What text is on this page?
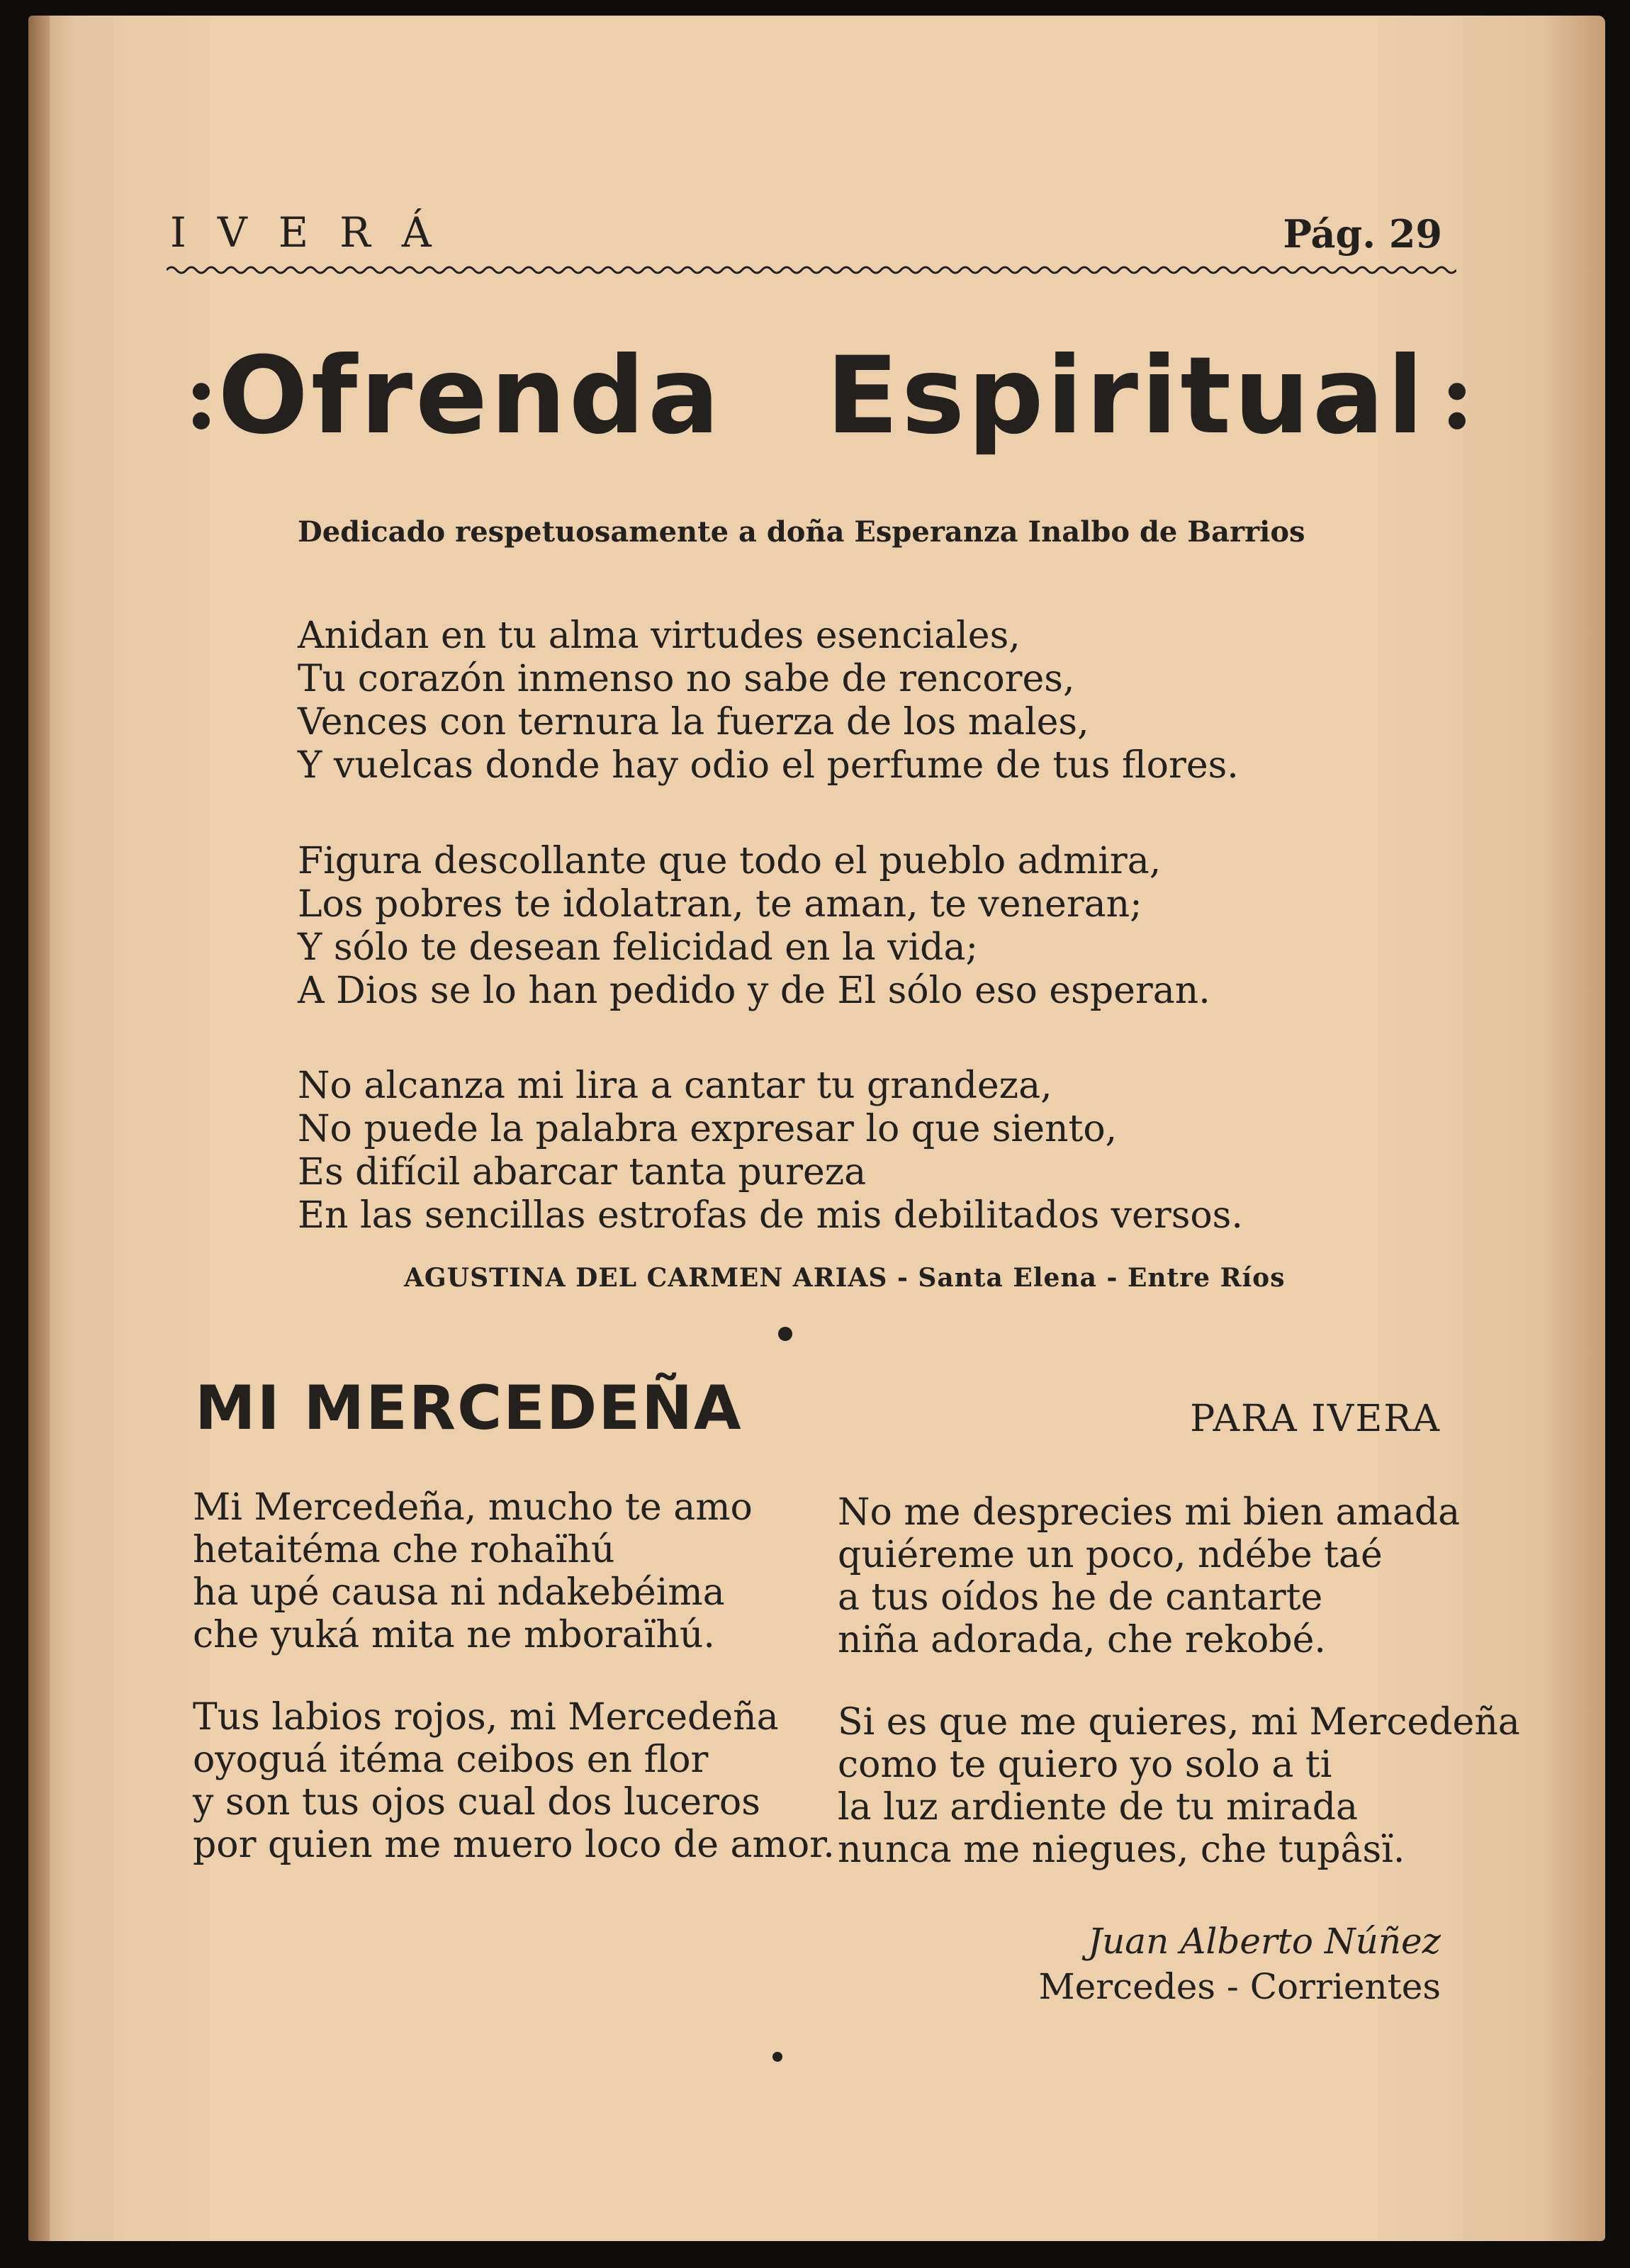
IVERÁ	Pág. 29
: Ofrenda Espiritual :
Dedicado respetuosamente a doña Esperanza Inalbo de Barrios
Anidan en tu alma virtudes esenciales,
Tu corazón inmenso no sabe de rencores,
Vences con ternura la fuerza de los males,
Y vuelcas donde hay odio el perfume de tus flores.
Figura descollante que todo el pueblo admira,
Los pobres te idolatran, te aman, te veneran;
Y sólo te desean felicidad en la vida;
A Dios se lo han pedido y de El sólo eso esperan.
No alcanza mi lira a cantar tu grandeza,
No puede la palabra expresar lo que siento,
Es difícil abarcar tanta pureza
En las sencillas estrofas de mis debilitados versos.
AGUSTINA DEL CARMEN ARIAS - Santa Elena - Entre Ríos
MI MERCEDEÑA	PARA IVERA
Mi Mercedeña, mucho te amo
hetaitéma che rohaïhú
ha upé causa ni ndakebéima
che yuká mita ne mboraïhú.
Tus labios rojos, mi Mercedeña
oyoguá itéma ceibos en flor
y son tus ojos cual dos luceros
por quien me muero loco de amor.
No me desprecies mi bien amada
quiéreme un poco, ndébe taé
a tus oídos he de cantarte
niña adorada, che rekobé.
Si es que me quieres, mi Mercedeña
como te quiero yo solo a ti
la luz ardiente de tu mirada
nunca me niegues, che tupâsï.
Juan Alberto Núñez
Mercedes - Corrientes
